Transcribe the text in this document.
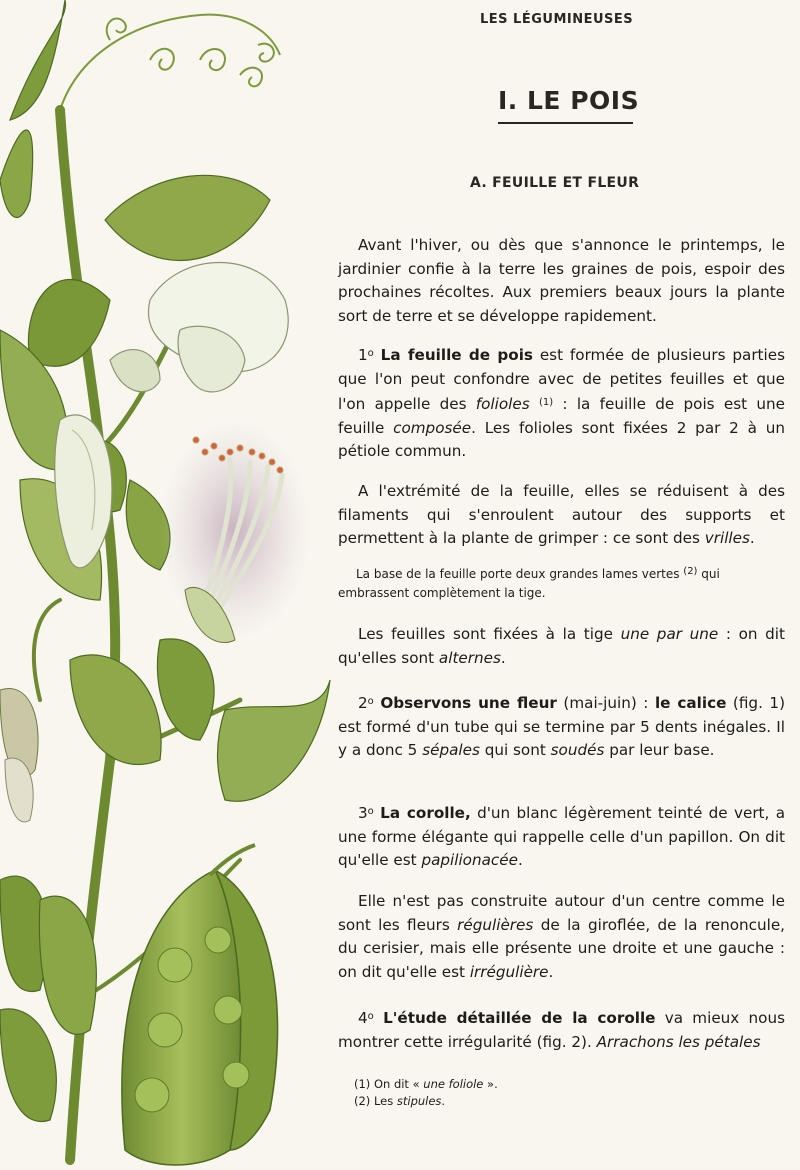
LES LÉGUMINEUSES
I. LE POIS
A. FEUILLE ET FLEUR

Avant l'hiver, ou dès que s'annonce le printemps, le jardinier confie à la terre les graines de pois, espoir des prochaines récoltes. Aux premiers beaux jours la plante sort de terre et se développe rapidement.

1$^o$ La feuille de pois est formée de plusieurs parties que l'on peut confondre avec de petites feuilles et que l'on appelle des folioles $^{(1)}$ : la feuille de pois est une feuille composée. Les folioles sont fixées 2 par 2 à un pétiole commun.

A l'extrémité de la feuille, elles se réduisent à des filaments qui s'enroulent autour des supports et permettent à la plante de grimper : ce sont des vrilles.

La base de la feuille porte deux grandes lames vertes $^{(2)}$ qui embrassent complètement la tige.

Les feuilles sont fixées à la tige une par une : on dit qu'elles sont alternes.

2$^o$ Observons une fleur (mai-juin) : le calice (fig. 1) est formé d'un tube qui se termine par 5 dents inégales. Il y a donc 5 sépales qui sont soudés par leur base.

3$^o$ La corolle, d'un blanc légèrement teinté de vert, a une forme élégante qui rappelle celle d'un papillon. On dit qu'elle est papilionacée.

Elle n'est pas construite autour d'un centre comme le sont les fleurs régulières de la giroflée, de la renoncule, du cerisier, mais elle présente une droite et une gauche : on dit qu'elle est irrégulière.

4$^o$ L'étude détaillée de la corolle va mieux nous montrer cette irrégularité (fig. 2). Arrachons les pétales

(1) On dit « une foliole ».
(2) Les stipules.
